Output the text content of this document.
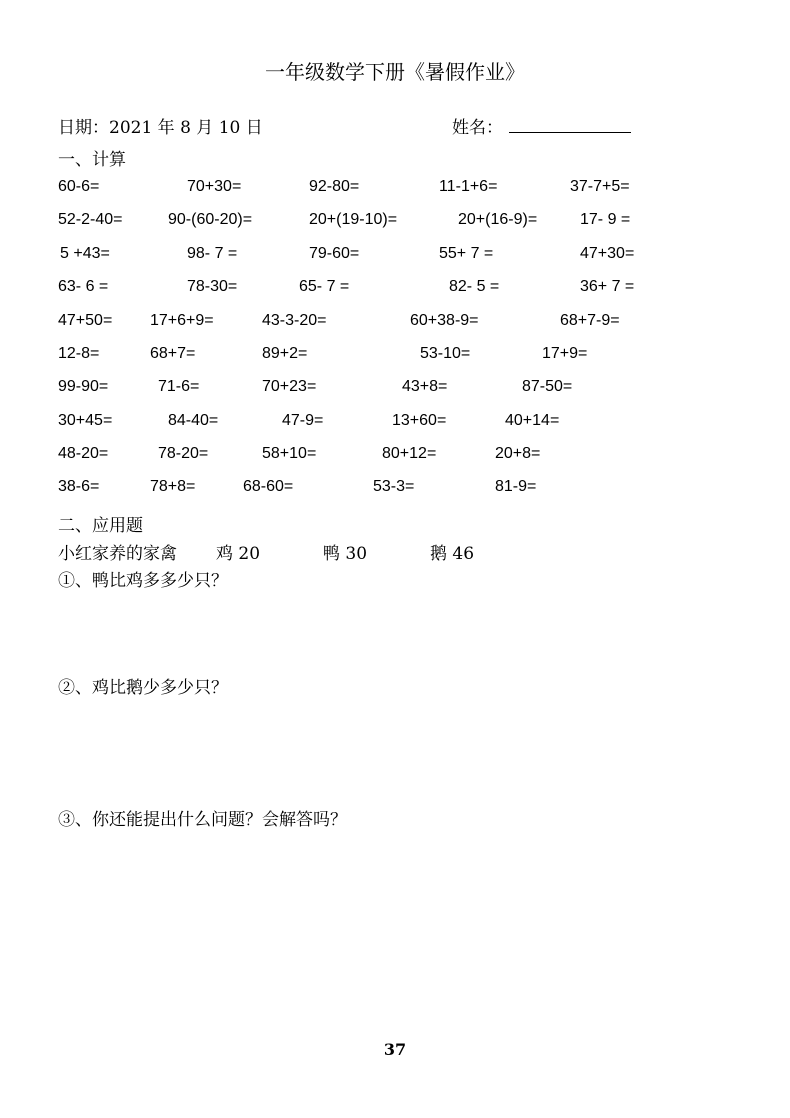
一年级数学下册《暑假作业》
日期：2021 年 8 月 10 日	姓名：
一、计算
60-6=	70+30=	92-80=	11-1+6=	37-7+5=
52-2-40=	90-(60-20)=	20+(19-10)=	20+(16-9)=	17- 9 =
5 +43=	98- 7 =	79-60=	55+ 7 =	47+30=
63- 6 =	78-30=	65- 7 =	82- 5 =	36+ 7 =
47+50= 17+6+9=	43-3-20=	60+38-9=	68+7-9=
12-8=	68+7=	89+2=	53-10=	17+9=
99-90=	71-6=	70+23=	43+8=	87-50=
30+45=	84-40=	47-9=	13+60=	40+14=
48-20=	78-20=	58+10=	80+12=	20+8=
38-6=	78+8=	68-60=	53-3=	81-9=
二、应用题
小红家养的家禽 鸡 20	鸭 30	鹅 46
①、鸭比鸡多多少只？
②、鸡比鹅少多少只？
③、你还能提出什么问题？会解答吗？
37
